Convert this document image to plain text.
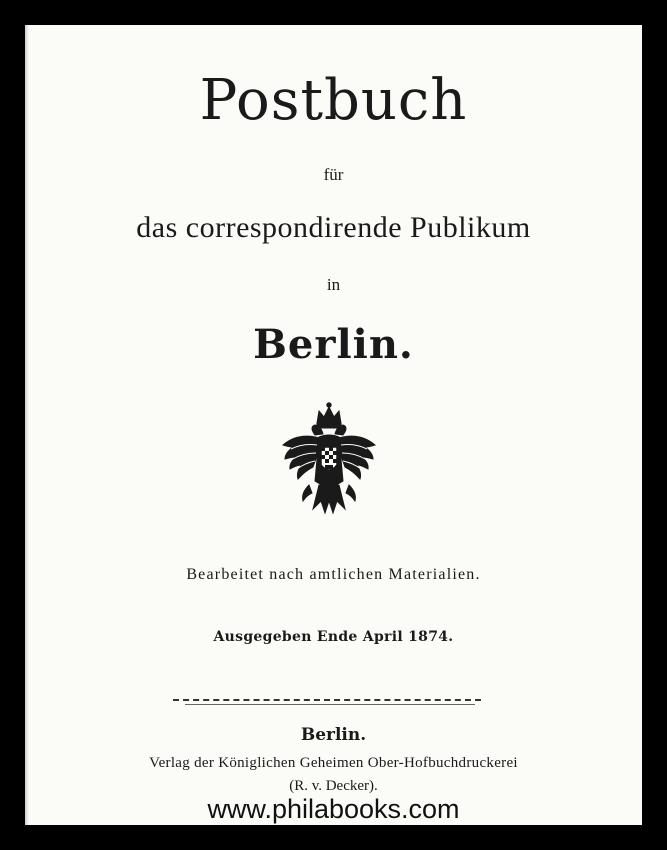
Postbuch
für
das correspondirende Publikum
in
Berlin.
Bearbeitet nach amtlichen Materialien.
Ausgegeben Ende April 1874.
Berlin.
Verlag der Königlichen Geheimen Ober-Hofbuchdruckerei
(R. v. Decker).
www.philabooks.com
